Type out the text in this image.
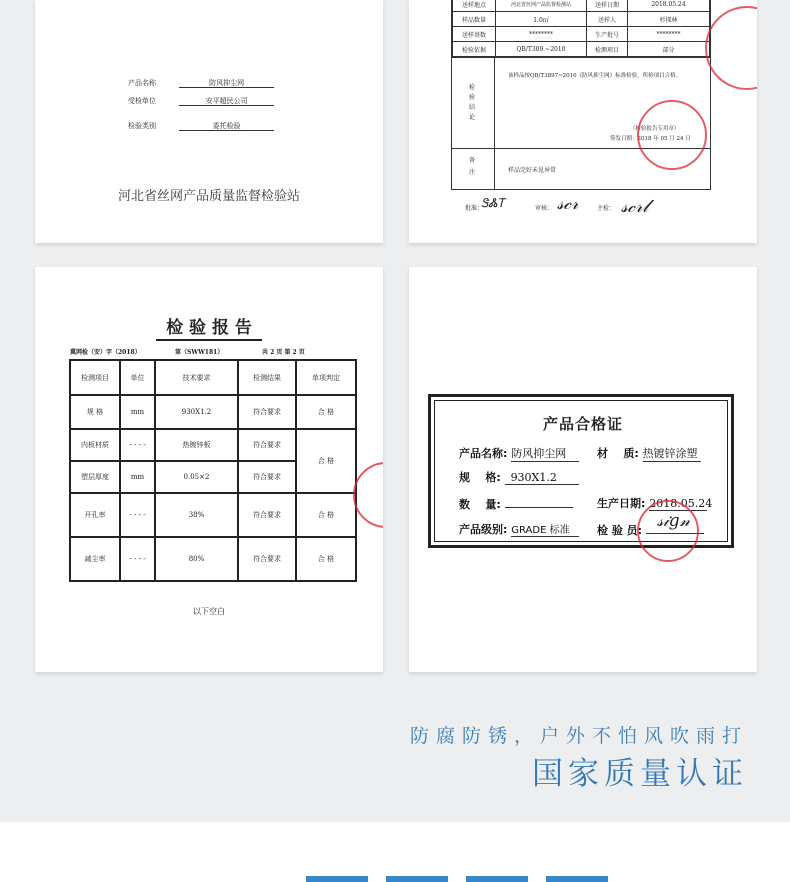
产品名称	防风抑尘网
受检单位	安平超民公司
检验类别	委托检验
河北省丝网产品质量监督检验站
送样地点	河北省丝网产品监督检测站	送样日期	2018.05.24
样品数量	1.0㎡	送样人	杉探林
送样基数	********	生产批号	********
检验依据	QB/T309 ~2010	检测项目	部分
检验结论
该样品按QB/T3897~2010《防风抑尘网》标准检验，所检项目合格。
（检验报告专用章）
签发日期：2018 年 05 月 24 日
备注	样品完好未见异常
批准：	审核：	主检：
ᏕᏜᎢ	𝓈𝒸𝓇 𝓈𝒸𝓇𝓁
检 验 报 告
冀网检（安）字（2018）	第（SWW181）	共 2 页 第 2 页
检测项目	单位	技术要求	检测结果	单项判定
规 格	mm	930X1.2	符合要求	合 格
内板材质	- - - -	热镀锌板	符合要求	合 格
塑层厚度	mm	0.05×2	符合要求	
开孔率	- - - -	38%	符合要求	合 格
减尘率	- - - -	80%	符合要求	合 格
以下空白
产品合格证
产品名称: 防风抑尘网	材    质: 热镀锌涂塑
规    格: 930X1.2
数    量:	生产日期: 2018.05.24
产品级别: GRADE 标准	检 验 员: 𝓈𝒾𝑔𝓃
防腐防锈，户外不怕风吹雨打
国家质量认证
